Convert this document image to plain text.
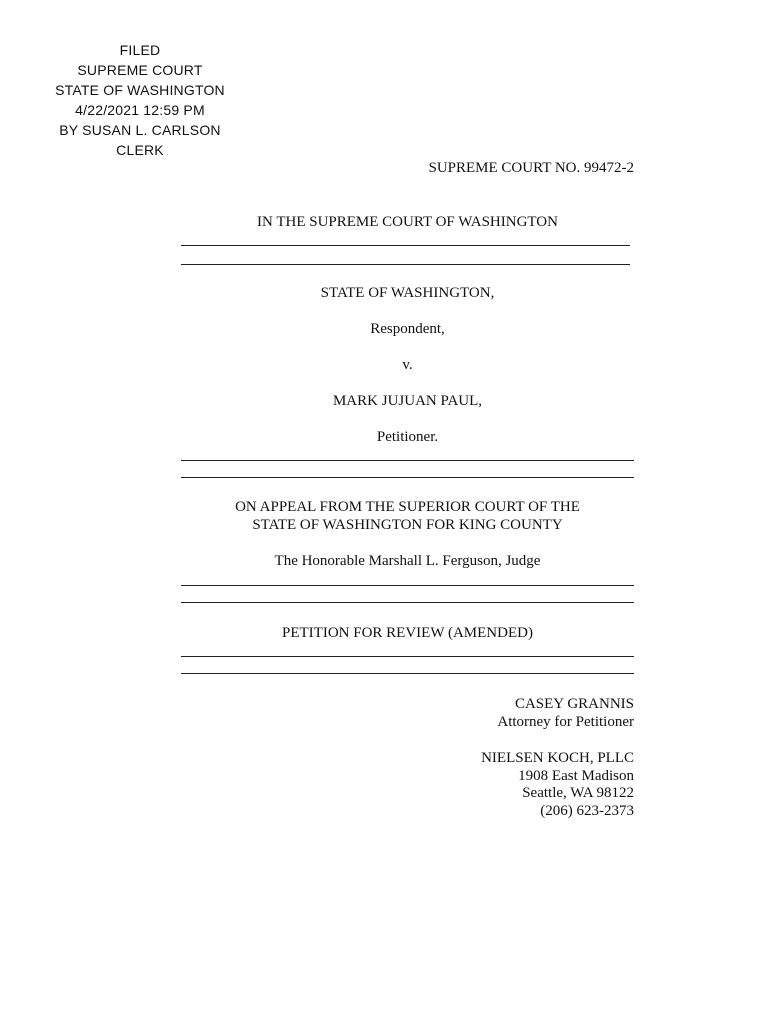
FILED
SUPREME COURT
STATE OF WASHINGTON
4/22/2021 12:59 PM
BY SUSAN L. CARLSON
CLERK
SUPREME COURT NO. 99472-2
IN THE SUPREME COURT OF WASHINGTON
STATE OF WASHINGTON,
Respondent,
v.
MARK JUJUAN PAUL,
Petitioner.
ON APPEAL FROM THE SUPERIOR COURT OF THE
STATE OF WASHINGTON FOR KING COUNTY
The Honorable Marshall L. Ferguson, Judge
PETITION FOR REVIEW (AMENDED)
CASEY GRANNIS
Attorney for Petitioner
NIELSEN KOCH, PLLC
1908 East Madison
Seattle, WA 98122
(206) 623-2373
